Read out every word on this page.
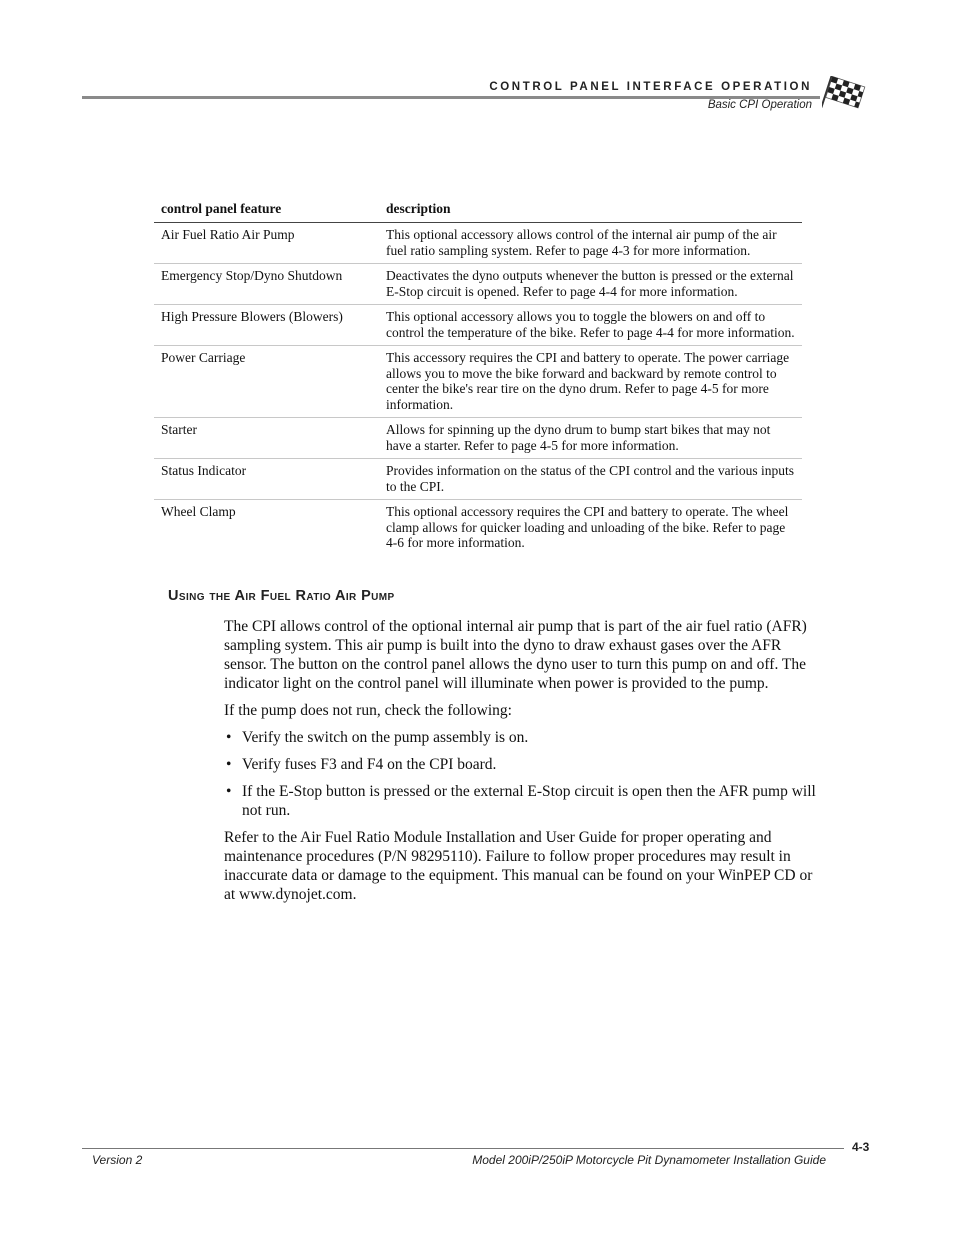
CONTROL PANEL INTERFACE OPERATION
Basic CPI Operation
control panel feature	description
Air Fuel Ratio Air Pump	This optional accessory allows control of the internal air pump of the air fuel ratio sampling system. Refer to page 4-3 for more information.
Emergency Stop/Dyno Shutdown	Deactivates the dyno outputs whenever the button is pressed or the external E-Stop circuit is opened. Refer to page 4-4 for more information.
High Pressure Blowers (Blowers)	This optional accessory allows you to toggle the blowers on and off to control the temperature of the bike. Refer to page 4-4 for more information.
Power Carriage	This accessory requires the CPI and battery to operate. The power carriage allows you to move the bike forward and backward by remote control to center the bike's rear tire on the dyno drum. Refer to page 4-5 for more information.
Starter	Allows for spinning up the dyno drum to bump start bikes that may not have a starter. Refer to page 4-5 for more information.
Status Indicator	Provides information on the status of the CPI control and the various inputs to the CPI.
Wheel Clamp	This optional accessory requires the CPI and battery to operate. The wheel clamp allows for quicker loading and unloading of the bike. Refer to page 4-6 for more information.
Using the Air Fuel Ratio Air Pump

The CPI allows control of the optional internal air pump that is part of the air fuel ratio (AFR) sampling system. This air pump is built into the dyno to draw exhaust gases over the AFR sensor. The button on the control panel allows the dyno user to turn this pump on and off. The indicator light on the control panel will illuminate when power is provided to the pump.

If the pump does not run, check the following:

• Verify the switch on the pump assembly is on.
• Verify fuses F3 and F4 on the CPI board.
• If the E-Stop button is pressed or the external E-Stop circuit is open then the AFR pump will not run.

Refer to the Air Fuel Ratio Module Installation and User Guide for proper operating and maintenance procedures (P/N 98295110). Failure to follow proper procedures may result in inaccurate data or damage to the equipment. This manual can be found on your WinPEP CD or at www.dynojet.com.

4-3
Version 2	Model 200iP/250iP Motorcycle Pit Dynamometer Installation Guide
